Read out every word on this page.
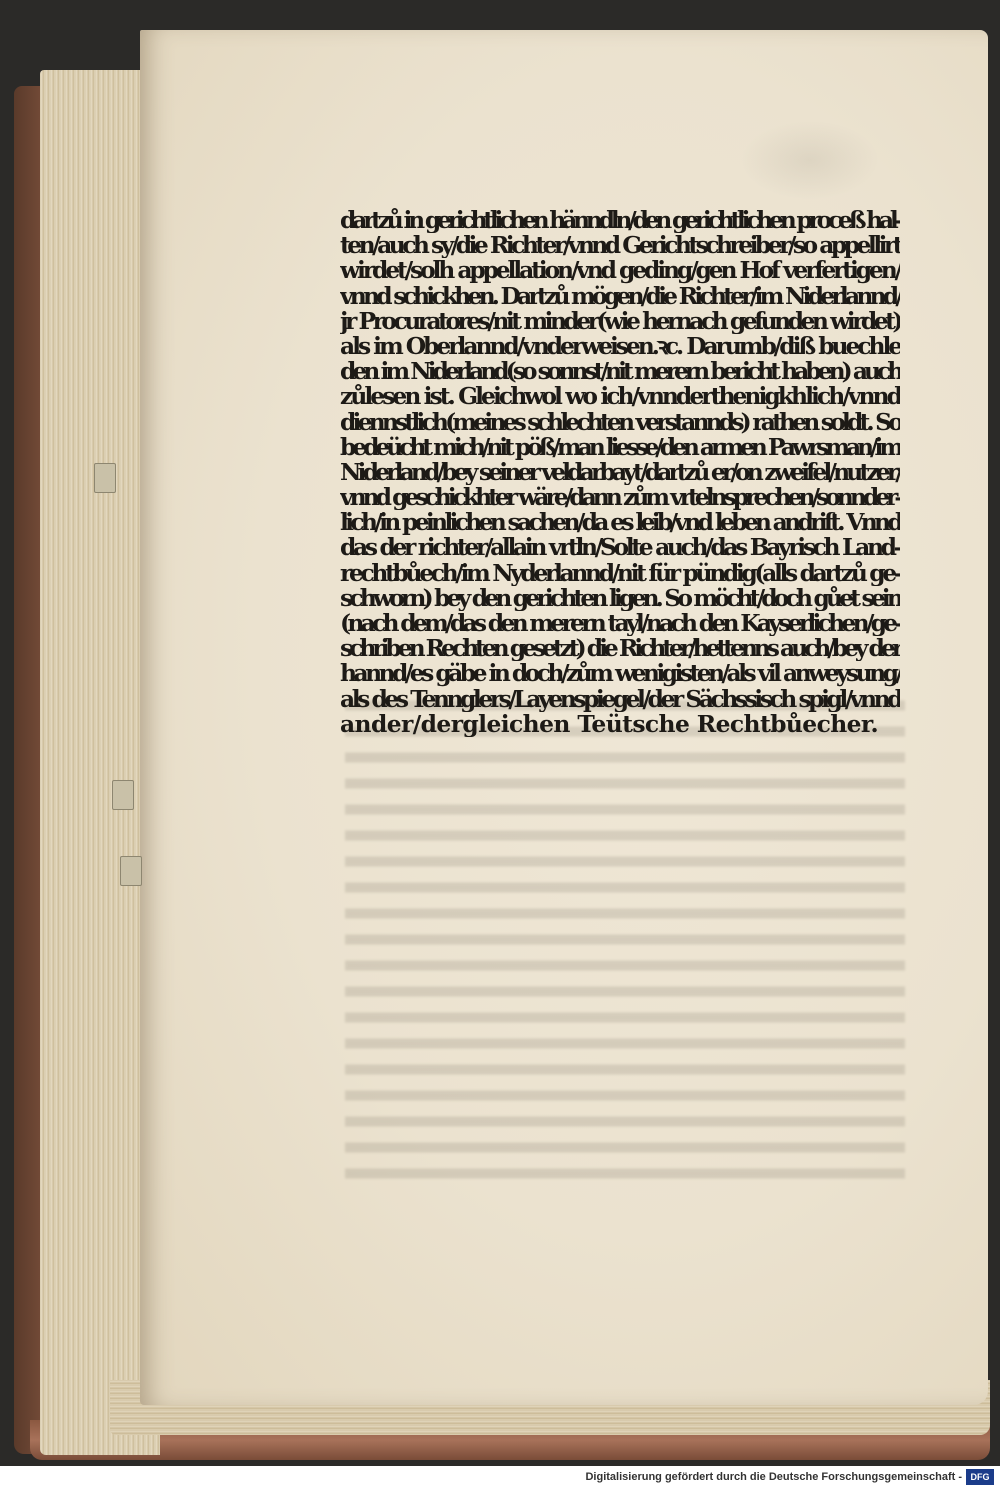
dartzů in gerichtlichen hänndln/den gerichtlichen proceß hal-
ten/auch sy/die Richter/vnnd Gerichtschreiber/so appellirt
wirdet/solh appellation/vnd geding/gen Hof verfertigen/
vnnd schickhen. Dartzů mögen/die Richter/im Niderlannd/
jr Procuratores/nit minder(wie hernach gefunden wirdet)
als im Oberlannd/vnderweisen.ꝛc. Darumb/diß buechle
den im Niderland(so sonnst/nit merern bericht haben) auch
zůlesen ist. Gleichwol wo ich/vnnderthenigkhlich/vnnd
diennstlich(meines schlechten verstannds) rathen soldt. So
bedeücht mich/nit pöß/man liesse/den armen Pawrsman/im
Niderland/bey seiner veldarbayt/dartzů er/on zweifel/nutzer/
vnnd geschickhter wäre/dann zům vrtelnsprechen/sonnder-
lich/in peinlichen sachen/da es leib/vnd leben andrift. Vnnd
das der richter/allain vrtln/Solte auch/das Bayrisch Land-
rechtbůech/im Nyderlannd/nit für pündig(alls dartzů ge-
schworn) bey den gerichten ligen. So möcht/doch gůet sein
(nach dem/das den merern tayl/nach den Kayserlichen/ge-
schriben Rechten gesetzt) die Richter/hettenns auch/bey der
hannd/es gäbe in doch/zům wenigisten/als vil anweysung/
als des Tennglers/Layenspiegel/der Sächssisch spigl/vnnd
ander/dergleichen Teütsche Rechtbůecher.
Digitalisierung gefördert durch die Deutsche Forschungsgemeinschaft - DFG
